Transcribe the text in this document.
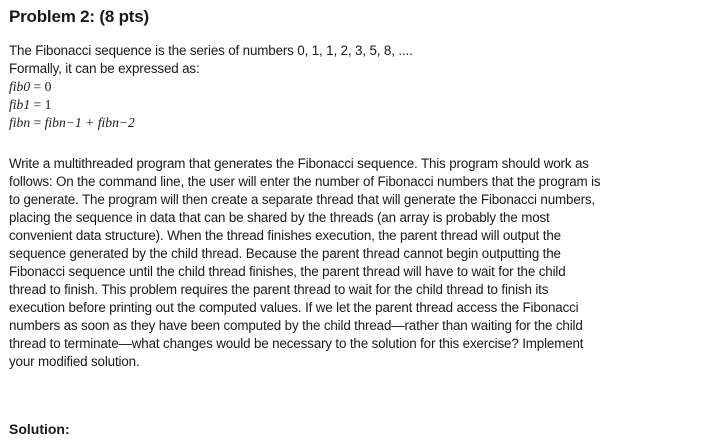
Problem 2: (8 pts)
The Fibonacci sequence is the series of numbers 0, 1, 1, 2, 3, 5, 8, ....
Formally, it can be expressed as:
fib0 = 0
fib1 = 1
fibn = fibn−1 + fibn−2
Write a multithreaded program that generates the Fibonacci sequence. This program should work as
follows: On the command line, the user will enter the number of Fibonacci numbers that the program is
to generate. The program will then create a separate thread that will generate the Fibonacci numbers,
placing the sequence in data that can be shared by the threads (an array is probably the most
convenient data structure). When the thread finishes execution, the parent thread will output the
sequence generated by the child thread. Because the parent thread cannot begin outputting the
Fibonacci sequence until the child thread finishes, the parent thread will have to wait for the child
thread to finish. This problem requires the parent thread to wait for the child thread to finish its
execution before printing out the computed values. If we let the parent thread access the Fibonacci
numbers as soon as they have been computed by the child thread—rather than waiting for the child
thread to terminate—what changes would be necessary to the solution for this exercise? Implement
your modified solution.
Solution:
